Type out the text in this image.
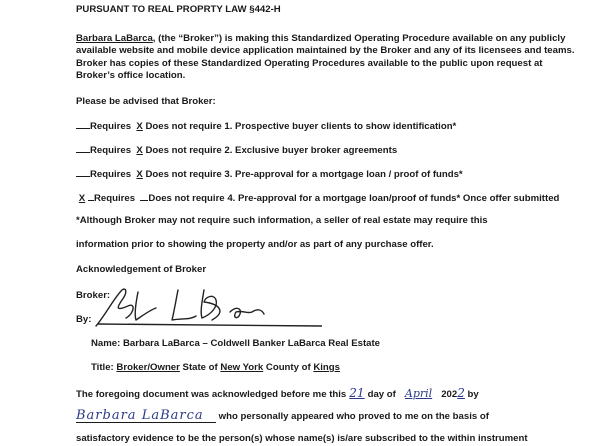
PURSUANT TO REAL PROPRTY LAW §442-H
Barbara LaBarca, (the “Broker”) is making this Standardized Operating Procedure available on any publicly
available website and mobile device application maintained by the Broker and any of its licensees and teams.
Broker has copies of these Standardized Operating Procedures available to the public upon request at
Broker’s office location.
Please be advised that Broker:
Requires X Does not require 1. Prospective buyer clients to show identification*
Requires X Does not require 2. Exclusive buyer broker agreements
Requires X Does not require 3. Pre-approval for a mortgage loan / proof of funds*
X Requires Does not require 4. Pre-approval for a mortgage loan/proof of funds* Once offer submitted
*Although Broker may not require such information, a seller of real estate may require this
information prior to showing the property and/or as part of any purchase offer.
Acknowledgement of Broker
Broker:
By:
Name: Barbara LaBarca – Coldwell Banker LaBarca Real Estate
Title: Broker/Owner State of New York County of Kings
The foregoing document was acknowledged before me this 21 day of April 2022 by
Barbara LaBarca who personally appeared who proved to me on the basis of
satisfactory evidence to be the person(s) whose name(s) is/are subscribed to the within instrument
